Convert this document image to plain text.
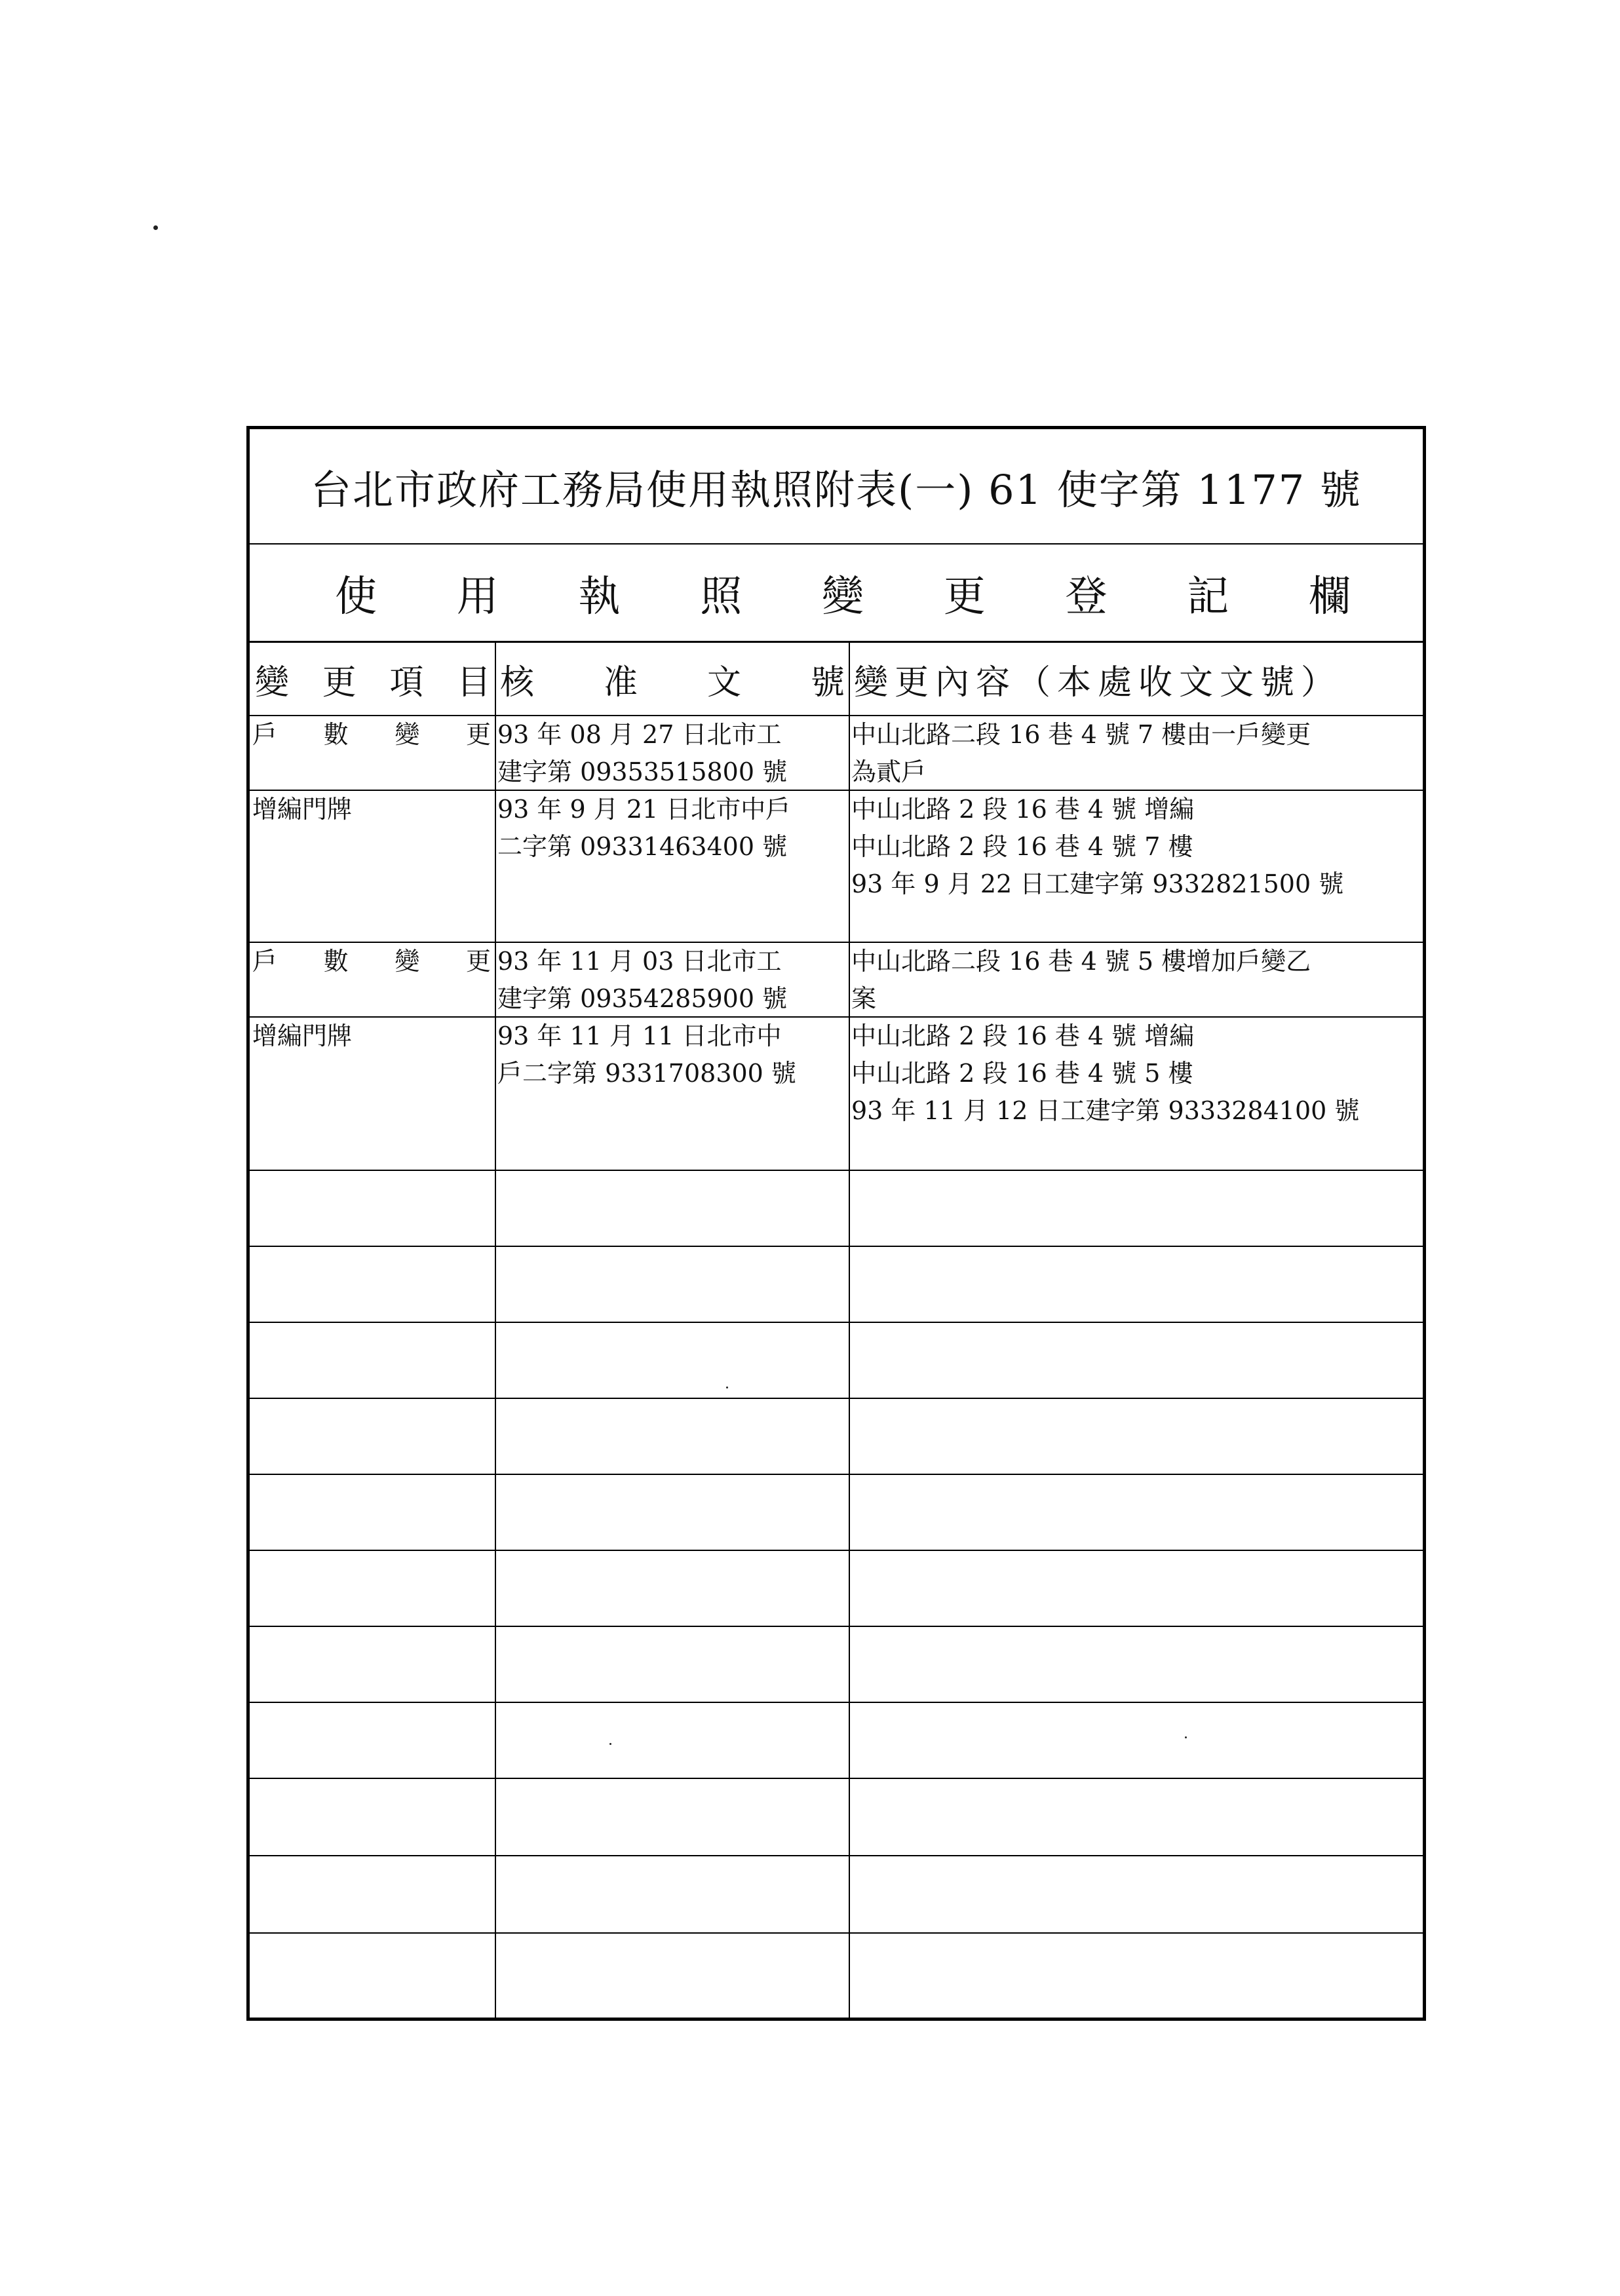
台北市政府工務局使用執照附表(一) 61 使字第 1177 號
使 用 執 照 變 更 登 記 欄
變 更 項 目 核 准 文 號 變更內容（本處收文文號）
戶 數 變 更 93 年 08 月 27 日北市工
建字第 09353515800 號
中山北路二段 16 巷 4 號 7 樓由一戶變更
為貳戶
增編門牌	93 年 9 月 21 日北市中戶
二字第 09331463400 號
中山北路 2 段 16 巷 4 號 增編
中山北路 2 段 16 巷 4 號 7 樓
93 年 9 月 22 日工建字第 9332821500 號
戶 數 變 更 93 年 11 月 03 日北市工
建字第 09354285900 號
中山北路二段 16 巷 4 號 5 樓增加戶變乙
案
增編門牌	93 年 11 月 11 日北市中
戶二字第 9331708300 號
中山北路 2 段 16 巷 4 號 增編
中山北路 2 段 16 巷 4 號 5 樓
93 年 11 月 12 日工建字第 9333284100 號
